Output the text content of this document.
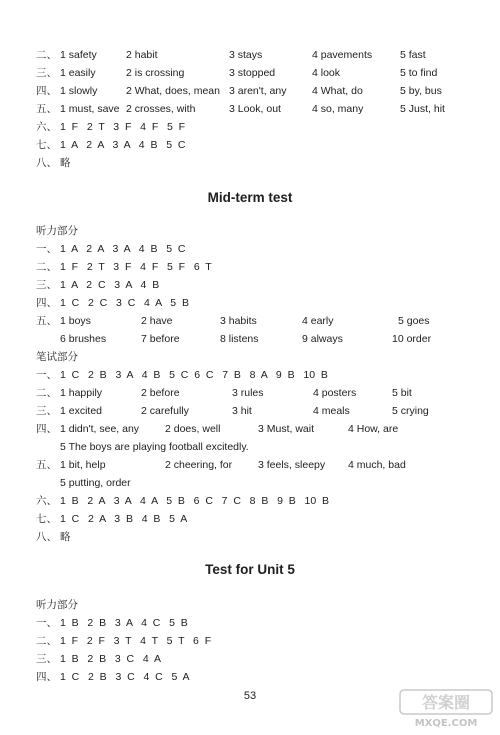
二、 1 safety	2 habit	3 stays	4 pavements	5 fast
三、 1 easily	2 is crossing	3 stopped	4 look	5 to find
四、 1 slowly	2 What, does, mean 3 aren't, any 4 What, do	5 by, bus
五、 1 must, save 2 crosses, with	3 Look, out	4 so, many	5 Just, hit
六、 1  F   2  T   3  F   4  F   5  F
七、 1  A   2  A   3  A   4  B   5  C
八、 略
Mid-term test
听力部分
一、 1  A   2  A   3  A   4  B   5  C
二、 1  F   2  T   3  F   4  F   5  F   6  T
三、 1  A   2  C   3  A   4  B
四、 1  C   2  C   3  C   4  A   5  B
五、 1 boys	2 have	3 habits	4 early	5 goes
6 brushes	7 before	8 listens	9 always	10 order
笔试部分
一、 1  C   2  B   3  A   4  B   5  C  6  C   7  B   8  A   9  B   10  B
二、 1 happily	2 before	3 rules	4 posters	5 bit
三、 1 excited	2 carefully	3 hit	4 meals	5 crying
四、 1 didn't, see, any 2 does, well	3 Must, wait	4 How, are
5 The boys are playing football excitedly.
五、 1 bit, help	2 cheering, for 3 feels, sleepy 4 much, bad
5 putting, order
六、 1  B   2  A   3  A   4  A   5  B   6  C   7  C   8  B   9  B   10  B
七、 1  C   2  A   3  B   4  B   5  A
八、 略
Test for Unit 5
听力部分
一、 1  B   2  B   3  A   4  C   5  B
二、 1  F   2  F   3  T   4  T   5  T   6  F
三、 1  B   2  B   3  C   4  A
四、 1  C   2  B   3  C   4  C   5  A
53	答案圈
MXQE.COM
